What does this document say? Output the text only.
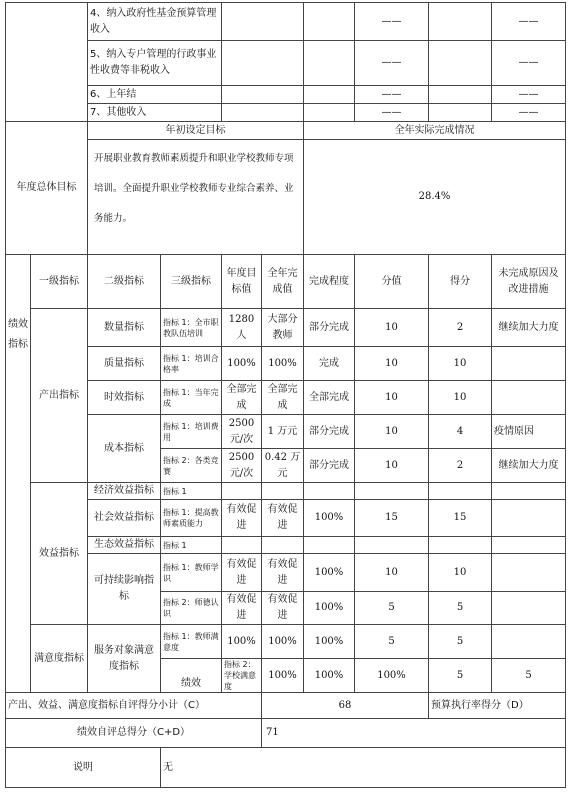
		4、纳入政府性基金预算管理收入					——		——	
		5、纳入专户管理的行政事业性收费等非税收入					——		——	
		6、上年结					——		——	
		7、其他收入					——		——	
年度总体目标		年初设定目标				全年实际完成情况				
		开展职业教育教师素质提升和职业学校教师专项培训。全面提升职业学校教师专业综合素养、业务能力。				28.4%				
绩效指标	一级指标	二级指标	三级指标	年度目标值	全年完成值	完成程度	分值	得分	未完成原因及改进措施	
	产出指标	数量指标	指标 1：全市职教队伍培训	1280 人	大部分教师	部分完成	10	2	继续加大力度	
		质量指标	指标 1：培训合格率	100%	100%	完成	10	10		
		时效指标	指标 1：当年完成	全部完成	全部完成	全部完成	10	10		
		成本指标	指标 1：培训费用	2500 元/次	1 万元	部分完成	10	4	疫情原因	
			指标 2：各类竞赛	2500 元/次	0.42 万元	部分完成	10	2	继续加大力度	
	效益指标	经济效益指标	指标 1							
		社会效益指标	指标 1：提高教师素质能力	有效促进	有效促进	100%	15	15		
		生态效益指标	指标 1							
		可持续影响指标	指标 1：教师学识	有效促进	有效促进	100%	10	10		
			指标 2：师德认识	有效促进	有效促进	100%	5	5		
	满意度指标	服务对象满意度指标	指标 1：教师满意度	100%	100%	100%	5	5		
			绩效	指标 2：学校满意度	100%	100%	100%	5	5	
产出、效益、满意度指标自评得分小计（C）					68			预算执行率得分（D）	
绩效自评总得分（C+D）					71					
说明			无							
